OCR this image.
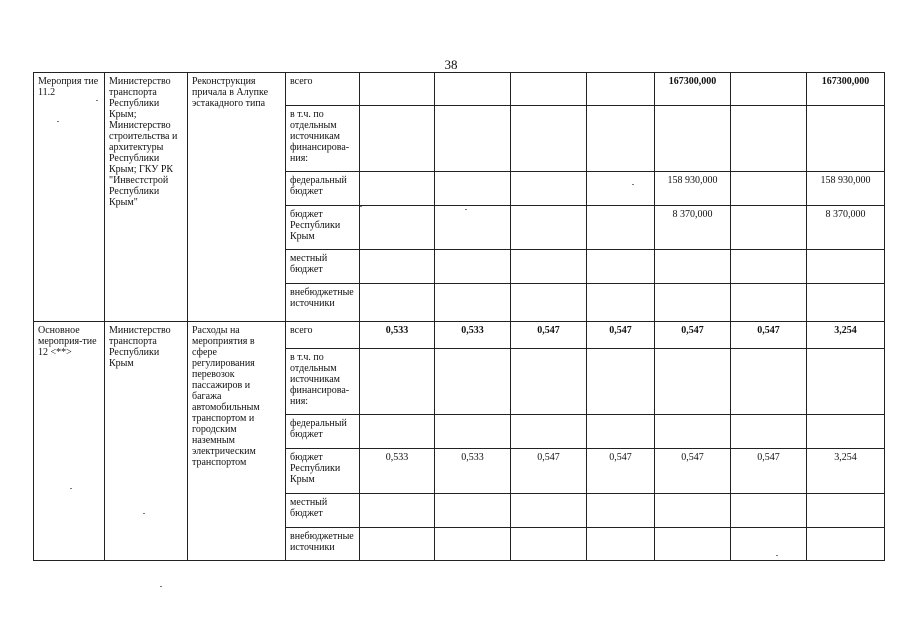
38
Мероприя тие 11.2	Министерство транспорта Республики Крым; Министерство строительства и архитектуры Республики Крым; ГКУ РК "Инвестстрой Республики Крым"	Реконструкция причала в Алупке эстакадного типа	всего					167300,000		167300,000
			в т.ч. по отдельным источникам финансирова-ния:							
			федеральный бюджет					158 930,000		158 930,000
			бюджет Республики Крым					8 370,000		8 370,000
			местный бюджет							
			внебюджетные источники							
Основное мероприя-тие 12 <**>	Министерство транспорта Республики Крым	Расходы на мероприятия в сфере регулирования перевозок пассажиров и багажа автомобильным транспортом и городским наземным электрическим транспортом	всего	0,533	0,533	0,547	0,547	0,547	0,547	3,254
			в т.ч. по отдельным источникам финансирова-ния:							
			федеральный бюджет							
			бюджет Республики Крым	0,533	0,533	0,547	0,547	0,547	0,547	3,254
			местный бюджет							
			внебюджетные источники							
